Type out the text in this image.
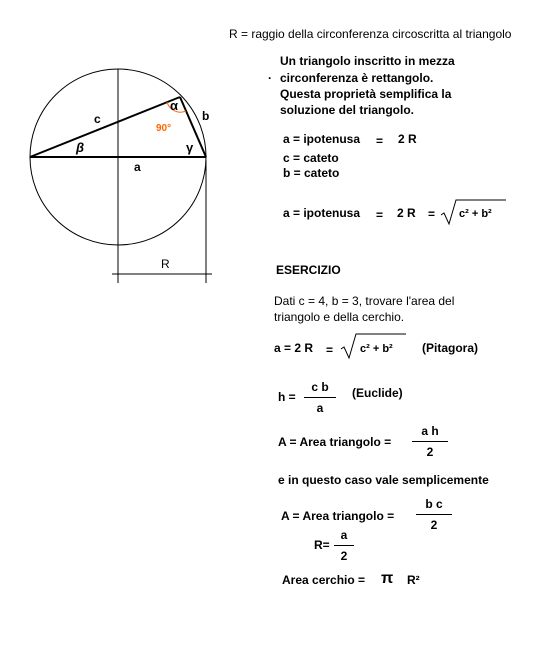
R = raggio della circonferenza circoscritta al triangolo
c	b
a
α
β	γ
90°
R
Un triangolo inscritto in mezza
· circonferenza è rettangolo.
Questa proprietà semplifica la
soluzione del triangolo.
a = ipotenusa = 2 R
c = cateto
b = cateto
a = ipotenusa = 2 R = c² + b²
ESERCIZIO
Dati c = 4, b = 3, trovare l'area del
triangolo e della cerchio.
a = 2 R = c² + b² (Pitagora)
h =
c b
a
(Euclide)
A = Area triangolo =
a h
2
e in questo caso vale semplicemente
A = Area triangolo =
b c
2
R=
a
2
Area cerchio = π R²
